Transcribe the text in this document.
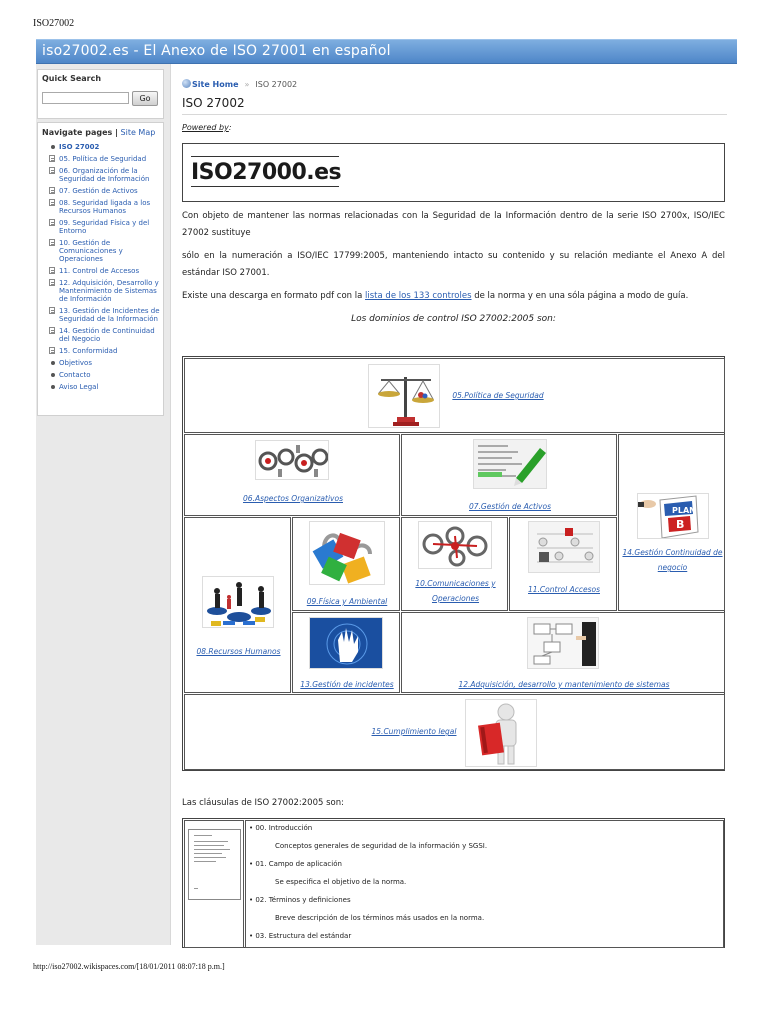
ISO27002
iso27002.es - El Anexo de ISO 27001 en español
Quick Search
Go
Navigate pages | Site Map
ISO 27002
05. Política de Seguridad
06. Organización de la Seguridad de Información
07. Gestión de Activos
08. Seguridad ligada a los Recursos Humanos
09. Seguridad Física y del Entorno
10. Gestión de Comunicaciones y Operaciones
11. Control de Accesos
12. Adquisición, Desarrollo y Mantenimiento de Sistemas de Información
13. Gestión de Incidentes de Seguridad de la Información
14. Gestión de Continuidad del Negocio
15. Conformidad
Objetivos
Contacto
Aviso Legal
Site Home » ISO 27002
ISO 27002
Powered by:
ISO27000.es

Con objeto de mantener las normas relacionadas con la Seguridad de la Información dentro de la serie ISO 2700x, ISO/IEC 27002 sustituye

sólo en la numeración a ISO/IEC 17799:2005, manteniendo intacto su contenido y su relación mediante el Anexo A del estándar ISO 27001.

Existe una descarga en formato pdf con la lista de los 133 controles de la norma y en una sóla página a modo de guía.

Los dominios de control ISO 27002:2005 son:
05.Política de Seguridad
06.Aspectos Organizativos
07.Gestión de Activos	PLAN
B
14.Gestión Continuidad de negocio
08.Recursos Humanos
09.Física y Ambiental
10.Comunicaciones y Operaciones
11.Control Accesos
13.Gestión de incidentes	12.Adquisición, desarrollo y mantenimiento de sistemas
15.Cumplimiento legal
Las cláusulas de ISO 27002:2005 son:
• 00. Introducción
Conceptos generales de seguridad de la información y SGSI.
• 01. Campo de aplicación
Se especifica el objetivo de la norma.
• 02. Términos y definiciones
Breve descripción de los términos más usados en la norma.
• 03. Estructura del estándar
http://iso27002.wikispaces.com/[18/01/2011 08:07:18 p.m.]
